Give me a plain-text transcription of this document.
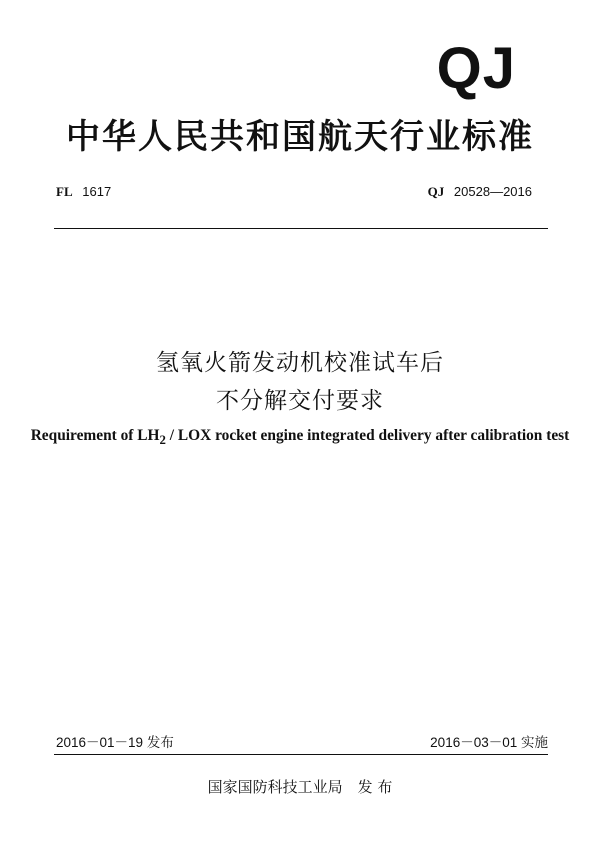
QJ
中华人民共和国航天行业标准
FL 1617	QJ 20528—2016
氢氧火箭发动机校准试车后
不分解交付要求
Requirement of $LH_2$ / LOX rocket engine integrated delivery after calibration test
2016－01－19 发布	2016－03－01 实施
国家国防科技工业局　发 布
